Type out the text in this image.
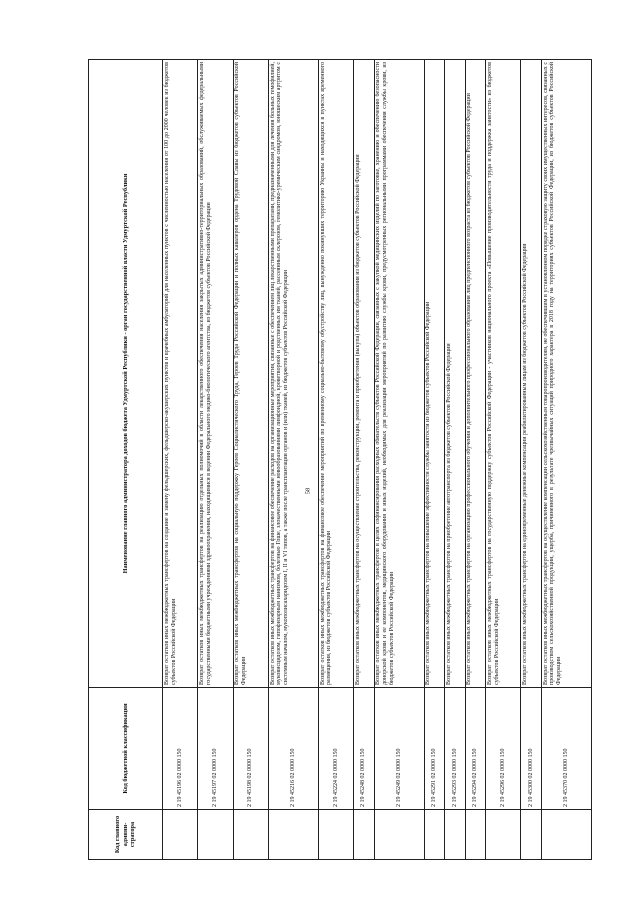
58
Код главного админи-стратора	Код бюджетной классификации	Наименование главного администратора доходов бюджета Удмуртской Республики - орган государственной власти Удмуртской Республики
	2 19 45196 02 0000 150	Возврат остатков иных межбюджетных трансфертов на создание и замену фельдшерских, фельдшерско-акушерских пунктов и врачебных амбулаторий для населенных пунктов с численностью населения от 100 до 2000 человек из бюджетов субъектов Российской Федерации
	2 19 45197 02 0000 150	Возврат остатков иных межбюджетных трансфертов на реализацию отдельных полномочий в области лекарственного обеспечения населения закрытых административно-территориальных образований, обслуживаемых федеральными государственными бюджетными учреждениями здравоохранения, находящимися в ведении Федерального медико-биологического агентства, из бюджетов субъектов Российской Федерации
	2 19 45198 02 0000 150	Возврат остатков иных межбюджетных трансфертов на социальную поддержку Героев Социалистического Труда, Героев Труда Российской Федерации и полных кавалеров ордена Трудовой Славы из бюджетов субъектов Российской Федерации
	2 19 45216 02 0000 150	Возврат остатков иных межбюджетных трансфертов на финансовое обеспечение расходов на организационные мероприятия, связанные с обеспечением лиц лекарственными препаратами, предназначенными для лечения больных гемофилией, муковисцидозом, гипофизарным нанизмом, болезнью Гоше, злокачественными новообразованиями лимфоидной, кроветворной и родственных им тканей, рассеянным склерозом, гемолитико-уремическим синдромом, юношеским артритом с системным началом, мукополисахаридозом I, II и VI типов, а также после трансплантации органов и (или) тканей, из бюджетов субъектов Российской Федерации
	2 19 45224 02 0000 150	Возврат остатков иных межбюджетных трансфертов на финансовое обеспечение мероприятий по временному социально-бытовому обустройству лиц, вынужденно покинувших территорию Украины и находящихся в пунктах временного размещения, из бюджетов субъектов Российской Федерации
	2 19 45248 02 0000 150	Возврат остатков иных межбюджетных трансфертов на осуществление строительства, реконструкции, ремонта и приобретения (выкупа) объектов образования из бюджетов субъектов Российской Федерации
	2 19 45249 02 0000 150	Возврат остатков иных межбюджетных трансфертов в целях софинансирования расходных обязательств субъектов Российской Федерации, связанных с закупкой медицинских изделий по заготовке, хранению и обеспечению безопасности донорской крови и ее компонентов, медицинского оборудования и иных изделий, необходимых для реализации мероприятий по развитию службы крови, предусмотренных региональными программами обеспечения службы крови, из бюджетов субъектов Российской Федерации
	2 19 45291 02 0000 150	Возврат остатков иных межбюджетных трансфертов на повышение эффективности службы занятости из бюджетов субъектов Российской Федерации
	2 19 45293 02 0000 150	Возврат остатков иных межбюджетных трансфертов на приобретение автотранспорта из бюджетов субъектов Российской Федерации
	2 19 45294 02 0000 150	Возврат остатков иных межбюджетных трансфертов на организацию профессионального обучения и дополнительного профессионального образования лиц предпенсионного возраста из бюджетов субъектов Российской Федерации
	2 19 45296 02 0000 150	Возврат остатков иных межбюджетных трансфертов на государственную поддержку субъектов Российской Федерации - участников национального проекта «Повышение производительности труда и поддержка занятости» из бюджетов субъектов Российской Федерации
	2 19 45300 02 0000 150	Возврат остатков иных межбюджетных трансфертов на единовременные денежные компенсации реабилитированным лицам из бюджетов субъектов Российской Федерации
	2 19 45370 02 0000 150	Возврат остатков иных межбюджетных трансфертов на осуществление компенсации сельскохозяйственным товаропроизводителям, не обеспечившим в установленном порядке страховую защиту своих имущественных интересов, связанных с производством сельскохозяйственной продукции, ущерба, причиненного в результате чрезвычайных ситуаций природного характера в 2018 году на территориях субъектов Российской Федерации, из бюджетов субъектов Российской Федерации
